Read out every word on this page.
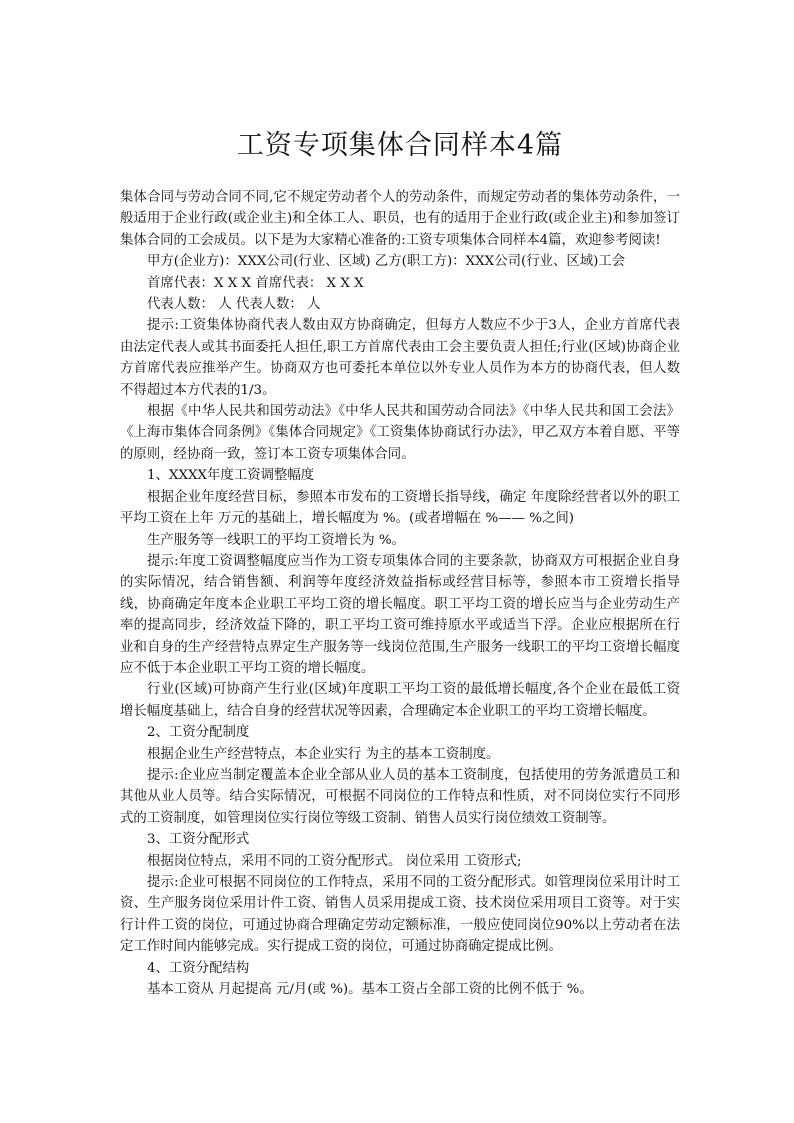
工资专项集体合同样本4篇

集体合同与劳动合同不同,它不规定劳动者个人的劳动条件，而规定劳动者的集体劳动条件，一般适用于企业行政(或企业主)和全体工人、职员，也有的适用于企业行政(或企业主)和参加签订集体合同的工会成员。以下是为大家精心准备的:工资专项集体合同样本4篇，欢迎参考阅读!

甲方(企业方)：XXX公司(行业、区域) 乙方(职工方)：XXX公司(行业、区域)工会

首席代表：X X X 首席代表： X X X

代表人数： 人 代表人数： 人

提示:工资集体协商代表人数由双方协商确定，但每方人数应不少于3人，企业方首席代表由法定代表人或其书面委托人担任,职工方首席代表由工会主要负责人担任;行业(区域)协商企业方首席代表应推举产生。协商双方也可委托本单位以外专业人员作为本方的协商代表，但人数不得超过本方代表的1/3。

根据《中华人民共和国劳动法》《中华人民共和国劳动合同法》《中华人民共和国工会法》《上海市集体合同条例》《集体合同规定》《工资集体协商试行办法》，甲乙双方本着自愿、平等的原则，经协商一致，签订本工资专项集体合同。

1、XXXX年度工资调整幅度

根据企业年度经营目标，参照本市发布的工资增长指导线，确定 年度除经营者以外的职工平均工资在上年 万元的基础上，增长幅度为 %。(或者增幅在 %—— %之间)

生产服务等一线职工的平均工资增长为 %。

提示:年度工资调整幅度应当作为工资专项集体合同的主要条款，协商双方可根据企业自身的实际情况，结合销售额、利润等年度经济效益指标或经营目标等，参照本市工资增长指导线，协商确定年度本企业职工平均工资的增长幅度。职工平均工资的增长应当与企业劳动生产率的提高同步，经济效益下降的，职工平均工资可维持原水平或适当下浮。企业应根据所在行业和自身的生产经营特点界定生产服务等一线岗位范围,生产服务一线职工的平均工资增长幅度应不低于本企业职工平均工资的增长幅度。

行业(区域)可协商产生行业(区域)年度职工平均工资的最低增长幅度,各个企业在最低工资增长幅度基础上，结合自身的经营状况等因素，合理确定本企业职工的平均工资增长幅度。

2、工资分配制度

根据企业生产经营特点，本企业实行 为主的基本工资制度。

提示:企业应当制定覆盖本企业全部从业人员的基本工资制度，包括使用的劳务派遣员工和其他从业人员等。结合实际情况，可根据不同岗位的工作特点和性质，对不同岗位实行不同形式的工资制度，如管理岗位实行岗位等级工资制、销售人员实行岗位绩效工资制等。

3、工资分配形式

根据岗位特点，采用不同的工资分配形式。 岗位采用 工资形式;

提示:企业可根据不同岗位的工作特点，采用不同的工资分配形式。如管理岗位采用计时工资、生产服务岗位采用计件工资、销售人员采用提成工资、技术岗位采用项目工资等。对于实行计件工资的岗位，可通过协商合理确定劳动定额标准，一般应使同岗位90%以上劳动者在法定工作时间内能够完成。实行提成工资的岗位，可通过协商确定提成比例。

4、工资分配结构

基本工资从 月起提高 元/月(或 %)。基本工资占全部工资的比例不低于 %。
